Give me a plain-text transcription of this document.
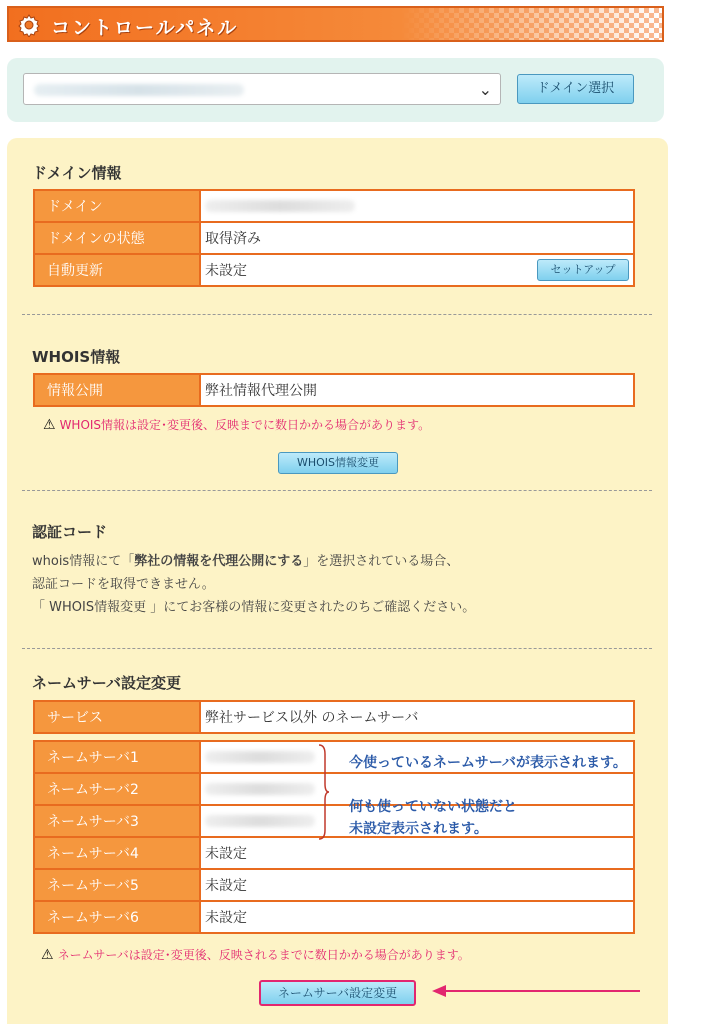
コントロールパネル
⌄	ドメイン選択
ドメイン情報
ドメイン	
ドメインの状態	取得済み
自動更新	未設定 セットアップ
WHOIS情報
情報公開	弊社情報代理公開
⚠ WHOIS情報は設定･変更後、反映までに数日かかる場合があります。
WHOIS情報変更
認証コード

whois情報にて「弊社の情報を代理公開にする」を選択されている場合、

認証コードを取得できません。

「 WHOIS情報変更 」にてお客様の情報に変更されたのちご確認ください。

ネームサーバ設定変更
サービス	弊社サービス以外 のネームサーバ
ネームサーバ1	
ネームサーバ2	
ネームサーバ3	
ネームサーバ4	未設定
ネームサーバ5	未設定
ネームサーバ6	未設定
⚠ ネームサーバは設定･変更後、反映されるまでに数日かかる場合があります。
今使っているネームサーバが表示されます。
何も使っていない状態だと
未設定表示されます。
ネームサーバ設定変更
